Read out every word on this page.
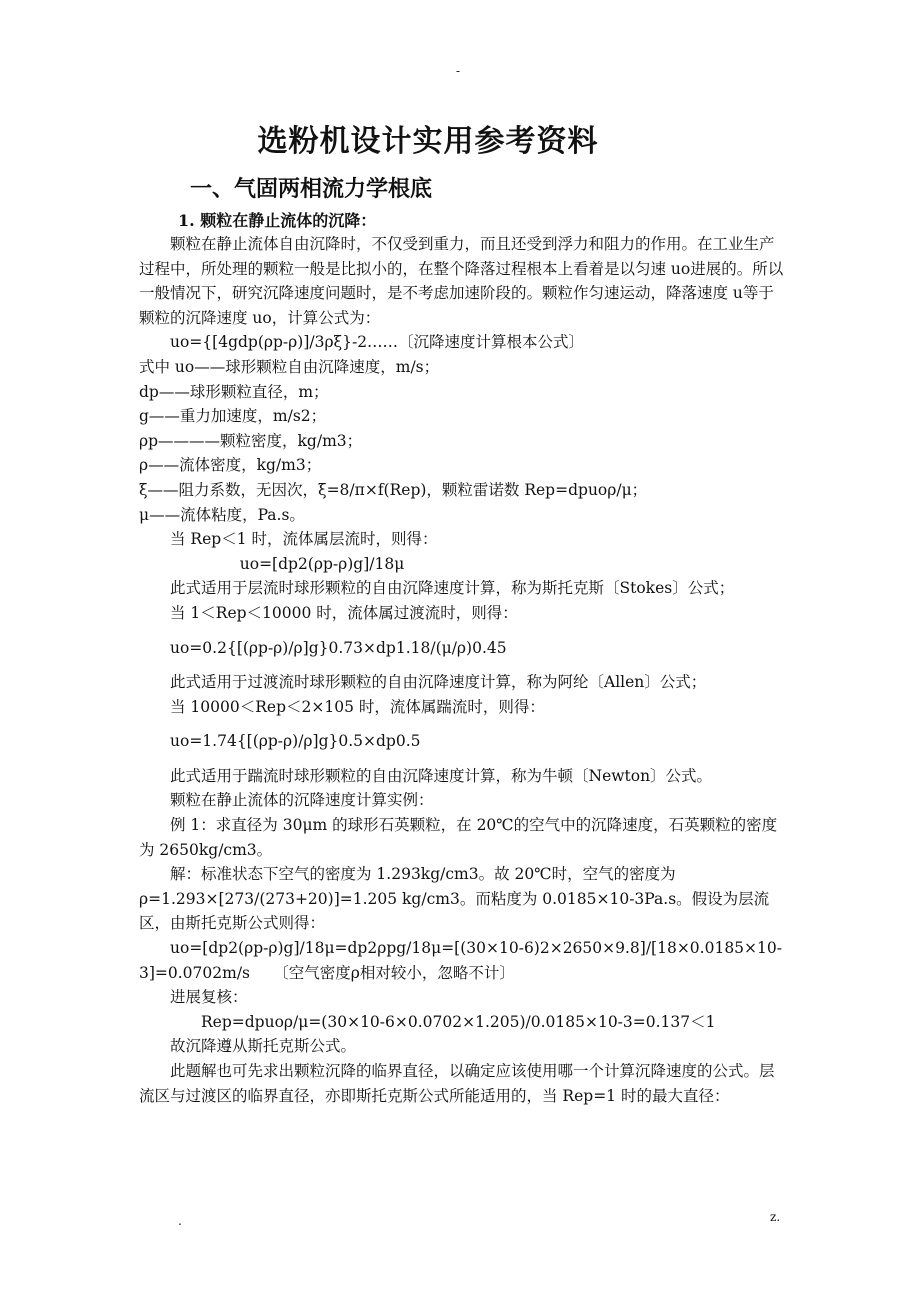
-
选粉机设计实用参考资料
一、气固两相流力学根底
1. 颗粒在静止流体的沉降：

颗粒在静止流体自由沉降时，不仅受到重力，而且还受到浮力和阻力的作用。在工业生产过程中，所处理的颗粒一般是比拟小的，在整个降落过程根本上看着是以匀速 uo进展的。所以一般情况下，研究沉降速度问题时，是不考虑加速阶段的。颗粒作匀速运动，降落速度 u等于颗粒的沉降速度 uo，计算公式为：

uo={[4gdp(ρp-ρ)]/3ρξ}-2……〔沉降速度计算根本公式〕

式中 uo——球形颗粒自由沉降速度，m/s；

dp——球形颗粒直径，m；

g——重力加速度，m/s2；

ρp————颗粒密度，kg/m3；

ρ——流体密度，kg/m3；

ξ——阻力系数，无因次，ξ=8/π×f(Rep)，颗粒雷诺数 Rep=dpuoρ/μ；

μ——流体粘度，Pa.s。

当 Rep＜1 时，流体属层流时，则得：

uo=[dp2(ρp-ρ)g]/18μ

此式适用于层流时球形颗粒的自由沉降速度计算，称为斯托克斯〔Stokes〕公式；

当 1＜Rep＜10000 时，流体属过渡流时，则得：

uo=0.2{[(ρp-ρ)/ρ]g}0.73×dp1.18/(μ/ρ)0.45

此式适用于过渡流时球形颗粒的自由沉降速度计算，称为阿纶〔Allen〕公式；

当 10000＜Rep＜2×105 时，流体属踹流时，则得：

uo=1.74{[(ρp-ρ)/ρ]g}0.5×dp0.5

此式适用于踹流时球形颗粒的自由沉降速度计算，称为牛顿〔Newton〕公式。

颗粒在静止流体的沉降速度计算实例：

例 1：求直径为 30μm 的球形石英颗粒，在 20℃的空气中的沉降速度，石英颗粒的密度为 2650kg/cm3。

解：标准状态下空气的密度为 1.293kg/cm3。故 20℃时，空气的密度为ρ=1.293×[273/(273+20)]=1.205 kg/cm3。而粘度为 0.0185×10-3Pa.s。假设为层流区，由斯托克斯公式则得：

uo=[dp2(ρp-ρ)g]/18μ=dp2ρpg/18μ=[(30×10-6)2×2650×9.8]/[18×0.0185×10-3]=0.0702m/s　　〔空气密度ρ相对较小，忽略不计〕

进展复核：

Rep=dpuoρ/μ=(30×10-6×0.0702×1.205)/0.0185×10-3=0.137＜1

故沉降遵从斯托克斯公式。

此题解也可先求出颗粒沉降的临界直径，以确定应该使用哪一个计算沉降速度的公式。层流区与过渡区的临界直径，亦即斯托克斯公式所能适用的，当 Rep=1 时的最大直径：

.	z.
